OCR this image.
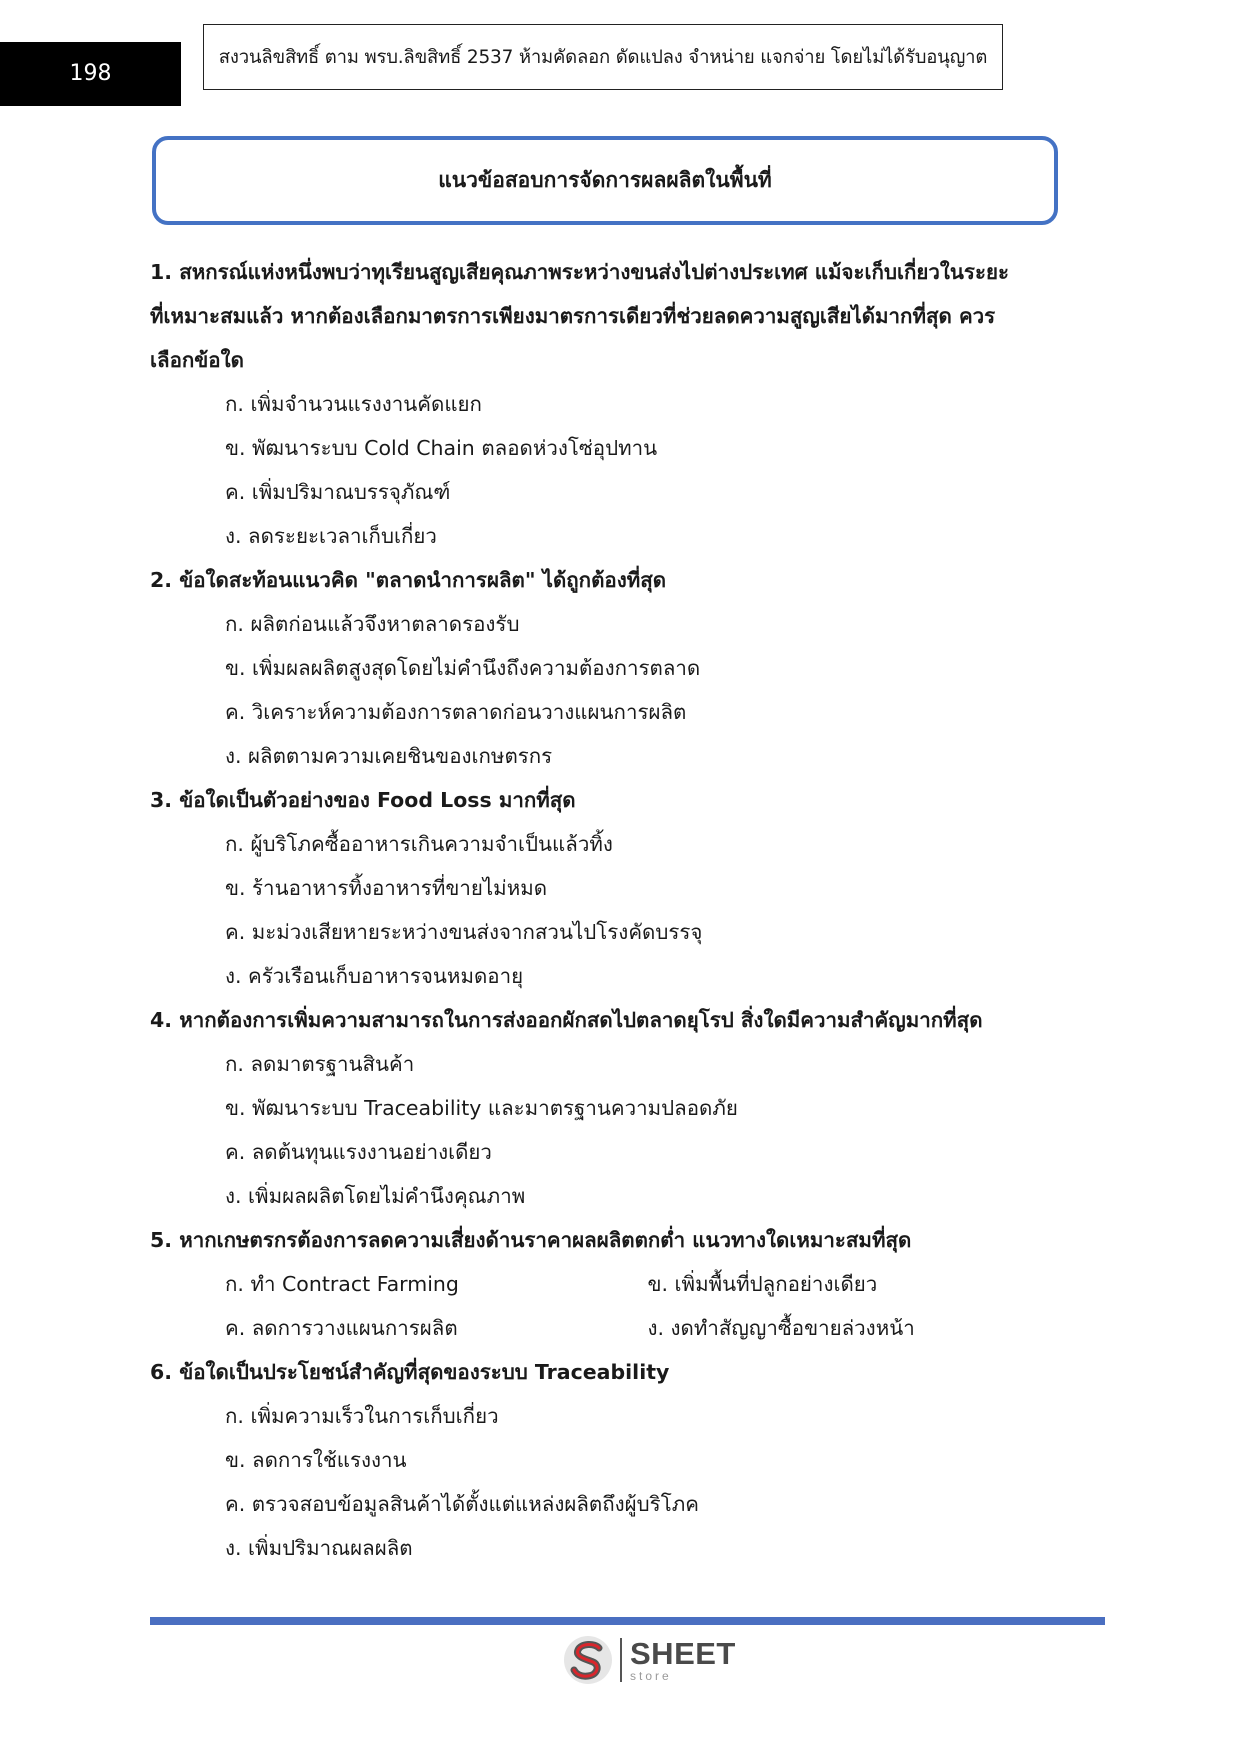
198
สงวนลิขสิทธิ์ ตาม พรบ.ลิขสิทธิ์ 2537 ห้ามคัดลอก ดัดแปลง จำหน่าย แจกจ่าย โดยไม่ได้รับอนุญาต
แนวข้อสอบการจัดการผลผลิตในพื้นที่

1. สหกรณ์แห่งหนึ่งพบว่าทุเรียนสูญเสียคุณภาพระหว่างขนส่งไปต่างประเทศ แม้จะเก็บเกี่ยวในระยะ

ที่เหมาะสมแล้ว หากต้องเลือกมาตรการเพียงมาตรการเดียวที่ช่วยลดความสูญเสียได้มากที่สุด ควร

เลือกข้อใด

ก. เพิ่มจำนวนแรงงานคัดแยก

ข. พัฒนาระบบ Cold Chain ตลอดห่วงโซ่อุปทาน

ค. เพิ่มปริมาณบรรจุภัณฑ์

ง. ลดระยะเวลาเก็บเกี่ยว

2. ข้อใดสะท้อนแนวคิด "ตลาดนำการผลิต" ได้ถูกต้องที่สุด

ก. ผลิตก่อนแล้วจึงหาตลาดรองรับ

ข. เพิ่มผลผลิตสูงสุดโดยไม่คำนึงถึงความต้องการตลาด

ค. วิเคราะห์ความต้องการตลาดก่อนวางแผนการผลิต

ง. ผลิตตามความเคยชินของเกษตรกร

3. ข้อใดเป็นตัวอย่างของ Food Loss มากที่สุด

ก. ผู้บริโภคซื้ออาหารเกินความจำเป็นแล้วทิ้ง

ข. ร้านอาหารทิ้งอาหารที่ขายไม่หมด

ค. มะม่วงเสียหายระหว่างขนส่งจากสวนไปโรงคัดบรรจุ

ง. ครัวเรือนเก็บอาหารจนหมดอายุ

4. หากต้องการเพิ่มความสามารถในการส่งออกผักสดไปตลาดยุโรป สิ่งใดมีความสำคัญมากที่สุด

ก. ลดมาตรฐานสินค้า

ข. พัฒนาระบบ Traceability และมาตรฐานความปลอดภัย

ค. ลดต้นทุนแรงงานอย่างเดียว

ง. เพิ่มผลผลิตโดยไม่คำนึงคุณภาพ

5. หากเกษตรกรต้องการลดความเสี่ยงด้านราคาผลผลิตตกต่ำ แนวทางใดเหมาะสมที่สุด

ก. ทำ Contract Farming	ข. เพิ่มพื้นที่ปลูกอย่างเดียว
ค. ลดการวางแผนการผลิต	ง. งดทำสัญญาซื้อขายล่วงหน้า

6. ข้อใดเป็นประโยชน์สำคัญที่สุดของระบบ Traceability

ก. เพิ่มความเร็วในการเก็บเกี่ยว

ข. ลดการใช้แรงงาน

ค. ตรวจสอบข้อมูลสินค้าได้ตั้งแต่แหล่งผลิตถึงผู้บริโภค

ง. เพิ่มปริมาณผลผลิต

SHEET
store
